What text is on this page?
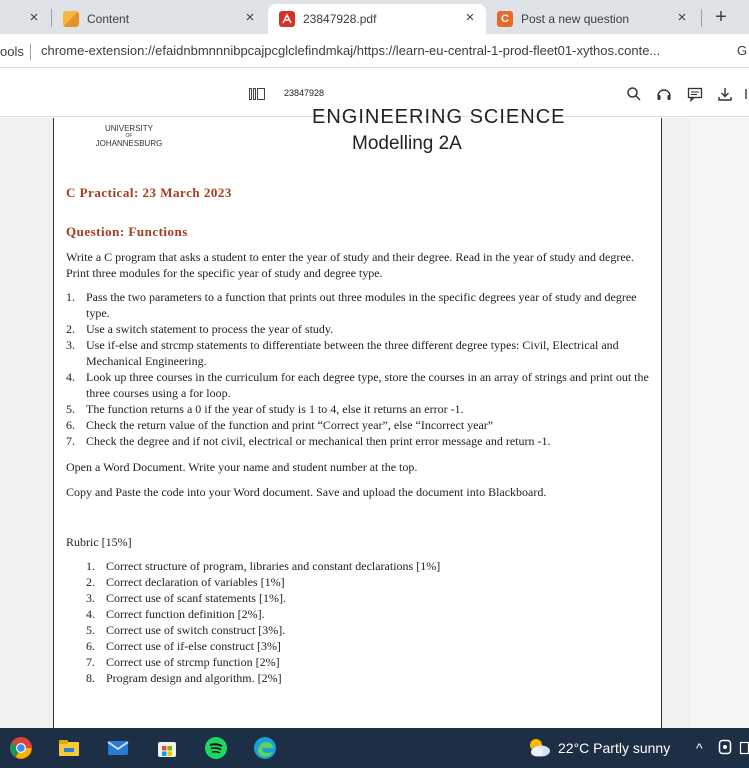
×	Content	×	23847928.pdf	×	C	Post a new question	× +
ools chrome-extension://efaidnbmnnnibpcajpcglclefindmkaj/https://learn-eu-central-1-prod-fleet01-xythos.conte...	G
23847928
ENGINEERING SCIENCE
UNIVERSITY
OF
JOHANNESBURG	Modelling 2A
C Practical: 23 March 2023
Question: Functions
Write a C program that asks a student to enter the year of study and their degree. Read in the year of study and degree. Print three modules for the specific year of study and degree type.
1. Pass the two parameters to a function that prints out three modules in the specific degrees year of study and degree type.
2. Use a switch statement to process the year of study.
3. Use if-else and strcmp statements to differentiate between the three different degree types: Civil, Electrical and Mechanical Engineering.
4. Look up three courses in the curriculum for each degree type, store the courses in an array of strings and print out the three courses using a for loop.
5. The function returns a 0 if the year of study is 1 to 4, else it returns an error -1.
6. Check the return value of the function and print “Correct year”, else “Incorrect year”
7. Check the degree and if not civil, electrical or mechanical then print error message and return -1.
Open a Word Document. Write your name and student number at the top.
Copy and Paste the code into your Word document. Save and upload the document into Blackboard.
Rubric [15%]
1. Correct structure of program, libraries and constant declarations [1%]
2. Correct declaration of variables [1%]
3. Correct use of scanf statements [1%].
4. Correct function definition [2%].
5. Correct use of switch construct [3%].
6. Correct use of if-else construct [3%]
7. Correct use of strcmp function [2%]
8. Program design and algorithm. [2%]
22°C Partly sunny ^
